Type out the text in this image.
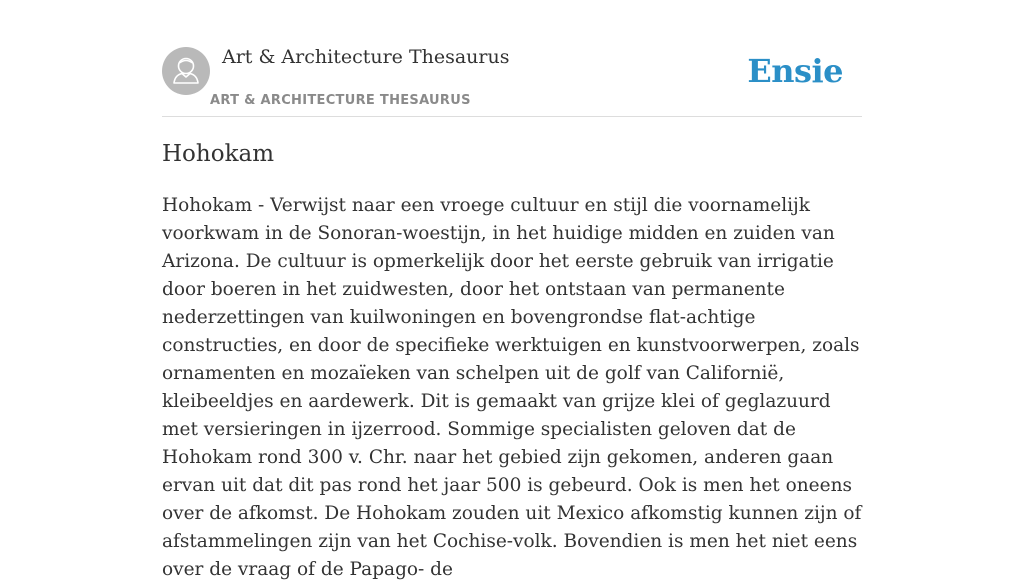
Art & Architecture Thesaurus
ART & ARCHITECTURE THESAURUS
Ensie
Hohokam

Hohokam - Verwijst naar een vroege cultuur en stijl die voornamelijk voorkwam in de Sonoran-woestijn, in het huidige midden en zuiden van Arizona. De cultuur is opmerkelijk door het eerste gebruik van irrigatie door boeren in het zuidwesten, door het ontstaan van permanente nederzettingen van kuilwoningen en bovengrondse flat-achtige constructies, en door de specifieke werktuigen en kunstvoorwerpen, zoals ornamenten en mozaïeken van schelpen uit de golf van Californië, kleibeeldjes en aardewerk. Dit is gemaakt van grijze klei of geglazuurd met versieringen in ijzerrood. Sommige specialisten geloven dat de Hohokam rond 300 v. Chr. naar het gebied zijn gekomen, anderen gaan ervan uit dat dit pas rond het jaar 500 is gebeurd. Ook is men het oneens over de afkomst. De Hohokam zouden uit Mexico afkomstig kunnen zijn of afstammelingen zijn van het Cochise-volk. Bovendien is men het niet eens over de vraag of de Papago- de
